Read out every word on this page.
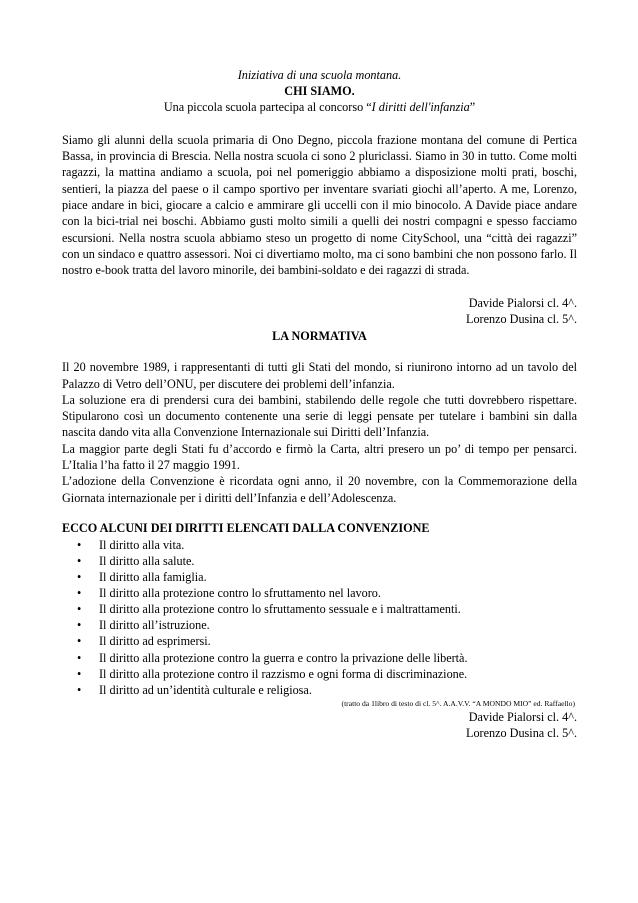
Iniziativa di una scuola montana.
CHI SIAMO.
Una piccola scuola partecipa al concorso “I diritti dell'infanzia”

Siamo gli alunni della scuola primaria di Ono Degno, piccola frazione montana del comune di Pertica Bassa, in provincia di Brescia. Nella nostra scuola ci sono 2 pluriclassi. Siamo in 30 in tutto. Come molti ragazzi, la mattina andiamo a scuola, poi nel pomeriggio abbiamo a disposizione molti prati, boschi, sentieri, la piazza del paese o il campo sportivo per inventare svariati giochi all’aperto. A me, Lorenzo, piace andare in bici, giocare a calcio e ammirare gli uccelli con il mio binocolo. A Davide piace andare con la bici-trial nei boschi. Abbiamo gusti molto simili a quelli dei nostri compagni e spesso facciamo escursioni. Nella nostra scuola abbiamo steso un progetto di nome CitySchool, una “città dei ragazzi” con un sindaco e quattro assessori. Noi ci divertiamo molto, ma ci sono bambini che non possono farlo. Il nostro e-book tratta del lavoro minorile, dei bambini-soldato e dei ragazzi di strada.

Davide Pialorsi cl. 4^.
Lorenzo Dusina cl. 5^.
LA NORMATIVA

Il 20 novembre 1989, i rappresentanti di tutti gli Stati del mondo, si riunirono intorno ad un tavolo del Palazzo di Vetro dell’ONU, per discutere dei problemi dell’infanzia.

La soluzione era di prendersi cura dei bambini, stabilendo delle regole che tutti dovrebbero rispettare. Stipularono così un documento contenente una serie di leggi pensate per tutelare i bambini sin dalla nascita dando vita alla Convenzione Internazionale sui Diritti dell’Infanzia.

La maggior parte degli Stati fu d’accordo e firmò la Carta, altri presero un po’ di tempo per pensarci. L’Italia l’ha fatto il 27 maggio 1991.

L’adozione della Convenzione è ricordata ogni anno, il 20 novembre, con la Commemorazione della Giornata internazionale per i diritti dell’Infanzia e dell’Adolescenza.

ECCO ALCUNI DEI DIRITTI ELENCATI DALLA CONVENZIONE
• Il diritto alla vita.
• Il diritto alla salute.
• Il diritto alla famiglia.
• Il diritto alla protezione contro lo sfruttamento nel lavoro.
• Il diritto alla protezione contro lo sfruttamento sessuale e i maltrattamenti.
• Il diritto all’istruzione.
• Il diritto ad esprimersi.
• Il diritto alla protezione contro la guerra e contro la privazione delle libertà.
• Il diritto alla protezione contro il razzismo e ogni forma di discriminazione.
• Il diritto ad un’identità culturale e religiosa.
(tratto da 1libro di testo di cl. 5^. A.A.V.V. “A MONDO MIO” ed. Raffaello)
Davide Pialorsi cl. 4^.
Lorenzo Dusina cl. 5^.
